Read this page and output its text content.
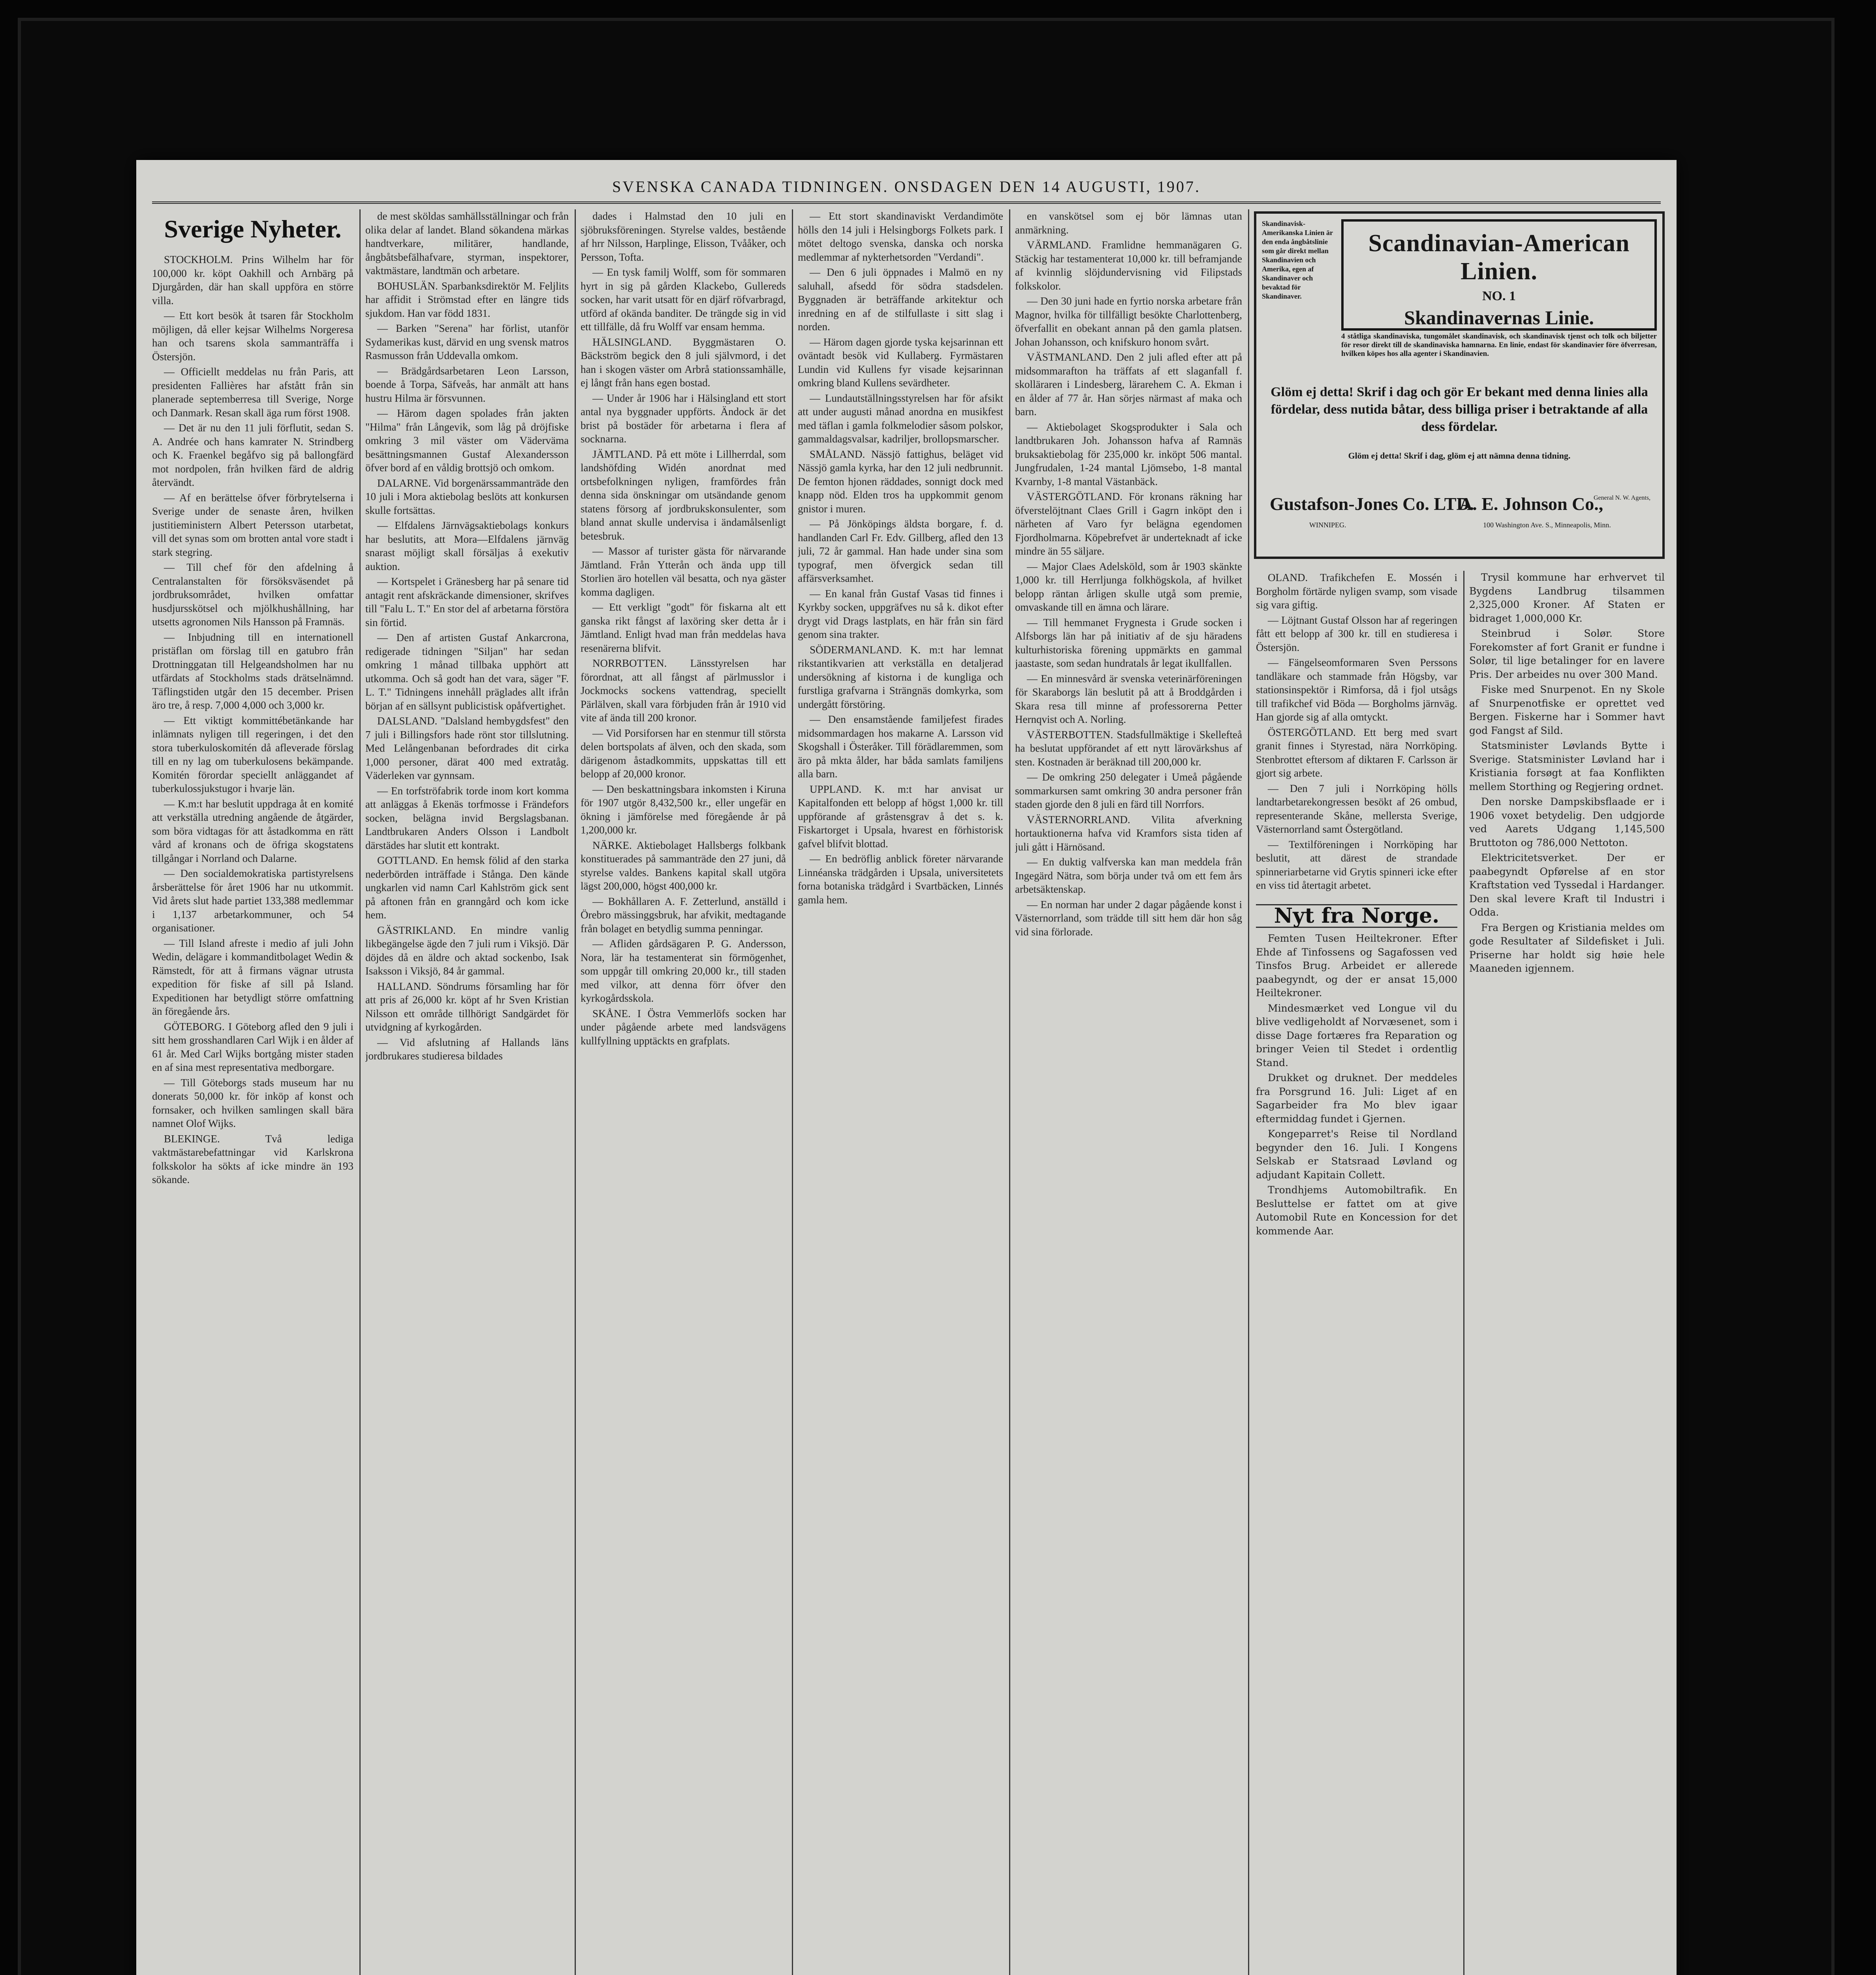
SVENSKA CANADA TIDNINGEN. ONSDAGEN DEN 14 AUGUSTI, 1907.
Sverige Nyheter.

STOCKHOLM. Prins Wilhelm har för 100,000 kr. köpt Oakhill och Arnbärg på Djurgården, där han skall uppföra en större villa.

— Ett kort besök åt tsaren får Stockholm möjligen, då eller kejsar Wilhelms Norgeresa han och tsarens skola sammanträffa i Östersjön.

— Officiellt meddelas nu från Paris, att presidenten Fallières har afstått från sin planerade septemberresa till Sverige, Norge och Danmark. Resan skall äga rum först 1908.

— Det är nu den 11 juli förflutit, sedan S. A. Andrée och hans kamrater N. Strindberg och K. Fraenkel begåfvo sig på ballongfärd mot nordpolen, från hvilken färd de aldrig återvändt.

— Af en berättelse öfver förbrytelserna i Sverige under de senaste åren, hvilken justitieministern Albert Petersson utarbetat, vill det synas som om brotten antal vore stadt i stark stegring.

— Till chef för den afdelning å Centralanstalten för försöksväsendet på jordbruksområdet, hvilken omfattar husdjursskötsel och mjölkhushållning, har utsetts agronomen Nils Hansson på Framnäs.

— Inbjudning till en internationell pristäflan om förslag till en gatubro från Drottninggatan till Helgeandsholmen har nu utfärdats af Stockholms stads drätselnämnd. Täflingstiden utgår den 15 december. Prisen äro tre, å resp. 7,000 4,000 och 3,000 kr.

— Ett viktigt kommittébetänkande har inlämnats nyligen till regeringen, i det den stora tuberkuloskomitén då afleverade förslag till en ny lag om tuberkulosens bekämpande. Komitén förordar speciellt anläggandet af tuberkulossjukstugor i hvarje län.

— K.m:t har beslutit uppdraga åt en komité att verkställa utredning angående de åtgärder, som böra vidtagas för att åstadkomma en rätt vård af kronans och de öfriga skogstatens tillgångar i Norrland och Dalarne.

— Den socialdemokratiska partistyrelsens årsberättelse för året 1906 har nu utkommit. Vid årets slut hade partiet 133,388 medlemmar i 1,137 arbetarkommuner, och 54 organisationer.

— Till Island afreste i medio af juli John Wedin, delägare i kommanditbolaget Wedin & Rämstedt, för att å firmans vägnar utrusta expedition för fiske af sill på Island. Expeditionen har betydligt större omfattning än föregående års.

GÖTEBORG. I Göteborg afled den 9 juli i sitt hem grosshandlaren Carl Wijk i en ålder af 61 år. Med Carl Wijks bortgång mister staden en af sina mest representativa medborgare.

— Till Göteborgs stads museum har nu donerats 50,000 kr. för inköp af konst och fornsaker, och hvilken samlingen skall bära namnet Olof Wijks.

BLEKINGE. Två lediga vaktmästarebefattningar vid Karlskrona folkskolor ha sökts af icke mindre än 193 sökande.

de mest sköldas samhällsställningar och från olika delar af landet. Bland sökandena märkas handtverkare, militärer, handlande, ångbåtsbefälhafvare, styrman, inspektorer, vaktmästare, landtmän och arbetare.

BOHUSLÄN. Sparbanksdirektör M. Feljlits har affidit i Strömstad efter en längre tids sjukdom. Han var född 1831.

— Barken "Serena" har förlist, utanför Sydamerikas kust, därvid en ung svensk matros Rasmusson från Uddevalla omkom.

— Brädgårdsarbetaren Leon Larsson, boende å Torpa, Säfveås, har anmält att hans hustru Hilma är försvunnen.

— Härom dagen spolades från jakten "Hilma" från Långevik, som låg på dröjfiske omkring 3 mil väster om Väderväma besättningsmannen Gustaf Alexandersson öfver bord af en våldig brottsjö och omkom.

DALARNE. Vid borgenärssammanträde den 10 juli i Mora aktiebolag beslöts att konkursen skulle fortsättas.

— Elfdalens Järnvägsaktiebolags konkurs har beslutits, att Mora—Elfdalens järnväg snarast möjligt skall försäljas å exekutiv auktion.

— Kortspelet i Gränesberg har på senare tid antagit rent afskräckande dimensioner, skrifves till "Falu L. T." En stor del af arbetarna förstöra sin förtid.

— Den af artisten Gustaf Ankarcrona, redigerade tidningen "Siljan" har sedan omkring 1 månad tillbaka upphört att utkomma. Och så godt han det vara, säger "F. L. T." Tidningens innehåll präglades allt ifrån början af en sällsynt publicistisk opåfvertighet.

DALSLAND. "Dalsland hembygdsfest" den 7 juli i Billingsfors hade rönt stor tillslutning. Med Lelångenbanan befordrades dit cirka 1,000 personer, därat 400 med extratåg. Väderleken var gynnsam.

— En torfströfabrik torde inom kort komma att anläggas å Ekenäs torfmosse i Frändefors socken, belägna invid Bergslagsbanan. Landtbrukaren Anders Olsson i Landbolt därstädes har slutit ett kontrakt.

GOTTLAND. En hemsk fölid af den starka nederbörden inträffade i Stånga. Den kände ungkarlen vid namn Carl Kahlström gick sent på aftonen från en granngård och kom icke hem.

GÄSTRIKLAND. En mindre vanlig likbegängelse ägde den 7 juli rum i Viksjö. Där döjdes då en äldre och aktad sockenbo, Isak Isaksson i Viksjö, 84 år gammal.

HALLAND. Söndrums församling har för att pris af 26,000 kr. köpt af hr Sven Kristian Nilsson ett område tillhörigt Sandgärdet för utvidgning af kyrkogården.

— Vid afslutning af Hallands läns jordbrukares studieresa bildades

dades i Halmstad den 10 juli en sjöbruksföreningen. Styrelse valdes, bestående af hrr Nilsson, Harplinge, Elisson, Tvååker, och Persson, Tofta.

— En tysk familj Wolff, som för sommaren hyrt in sig på gården Klackebo, Gullereds socken, har varit utsatt för en djärf röfvarbragd, utförd af okända banditer. De trängde sig in vid ett tillfälle, då fru Wolff var ensam hemma.

HÄLSINGLAND. Byggmästaren O. Bäckström begick den 8 juli självmord, i det han i skogen väster om Arbrå stationssamhälle, ej långt från hans egen bostad.

— Under år 1906 har i Hälsingland ett stort antal nya byggnader uppförts. Ändock är det brist på bostäder för arbetarna i flera af socknarna.

JÄMTLAND. På ett möte i Lillherrdal, som landshöfding Widén anordnat med ortsbefolkningen nyligen, framfördes från denna sida önskningar om utsändande genom statens försorg af jordbrukskonsulenter, som bland annat skulle undervisa i ändamålsenligt betesbruk.

— Massor af turister gästa för närvarande Jämtland. Från Ytterån och ända upp till Storlien äro hotellen väl besatta, och nya gäster komma dagligen.

— Ett verkligt "godt" för fiskarna alt ett ganska rikt fångst af laxöring sker detta år i Jämtland. Enligt hvad man från meddelas hava resenärerna blifvit.

NORRBOTTEN. Länsstyrelsen har förordnat, att all fångst af pärlmusslor i Jockmocks sockens vattendrag, speciellt Pärlälven, skall vara förbjuden från år 1910 vid vite af ända till 200 kronor.

— Vid Porsiforsen har en stenmur till största delen bortspolats af älven, och den skada, som därigenom åstadkommits, uppskattas till ett belopp af 20,000 kronor.

— Den beskattningsbara inkomsten i Kiruna för 1907 utgör 8,432,500 kr., eller ungefär en ökning i jämförelse med föregående år på 1,200,000 kr.

NÄRKE. Aktiebolaget Hallsbergs folkbank konstituerades på sammanträde den 27 juni, då styrelse valdes. Bankens kapital skall utgöra lägst 200,000, högst 400,000 kr.

— Bokhållaren A. F. Zetterlund, anställd i Örebro mässinggsbruk, har afvikit, medtagande från bolaget en betydlig summa penningar.

— Afliden gårdsägaren P. G. Andersson, Nora, lär ha testamenterat sin förmögenhet, som uppgår till omkring 20,000 kr., till staden med vilkor, att denna förr öfver den kyrkogårdsskola.

SKÅNE. I Östra Vemmerlöfs socken har under pågående arbete med landsvägens kullfyllning upptäckts en grafplats.

— Ett stort skandinaviskt Verdandimöte hölls den 14 juli i Helsingborgs Folkets park. I mötet deltogo svenska, danska och norska medlemmar af nykterhetsorden "Verdandi".

— Den 6 juli öppnades i Malmö en ny saluhall, afsedd för södra stadsdelen. Byggnaden är beträffande arkitektur och inredning en af de stilfullaste i sitt slag i norden.

— Härom dagen gjorde tyska kejsarinnan ett oväntadt besök vid Kullaberg. Fyrmästaren Lundin vid Kullens fyr visade kejsarinnan omkring bland Kullens sevärdheter.

— Lundautställningsstyrelsen har för afsikt att under augusti månad anordna en musikfest med täflan i gamla folkmelodier såsom polskor, gammaldagsvalsar, kadriljer, brollopsmarscher.

SMÅLAND. Nässjö fattighus, beläget vid Nässjö gamla kyrka, har den 12 juli nedbrunnit. De femton hjonen räddades, sonnigt dock med knapp nöd. Elden tros ha uppkommit genom gnistor i muren.

— På Jönköpings äldsta borgare, f. d. handlanden Carl Fr. Edv. Gillberg, afled den 13 juli, 72 år gammal. Han hade under sina som typograf, men öfvergick sedan till affärsverksamhet.

— En kanal från Gustaf Vasas tid finnes i Kyrkby socken, uppgräfves nu så k. dikot efter drygt vid Drags lastplats, en här från sin färd genom sina trakter.

SÖDERMANLAND. K. m:t har lemnat rikstantikvarien att verkställa en detaljerad undersökning af kistorna i de kungliga och furstliga grafvarna i Strängnäs domkyrka, som undergått förstöring.

— Den ensamstående familjefest firades midsommardagen hos makarne A. Larsson vid Skogshall i Österåker. Till förädlaremmen, som äro på mkta ålder, har båda samlats familjens alla barn.

UPPLAND. K. m:t har anvisat ur Kapitalfonden ett belopp af högst 1,000 kr. till uppförande af gråstensgrav å det s. k. Fiskartorget i Upsala, hvarest en förhistorisk gafvel blifvit blottad.

— En bedröflig anblick företer närvarande Linnéanska trädgården i Upsala, universitetets forna botaniska trädgård i Svartbäcken, Linnés gamla hem.

en vanskötsel som ej bör lämnas utan anmärkning.

VÄRMLAND. Framlidne hemmanägaren G. Stäckig har testamenterat 10,000 kr. till beframjande af kvinnlig slöjdundervisning vid Filipstads folkskolor.

— Den 30 juni hade en fyrtio norska arbetare från Magnor, hvilka för tillfälligt besökte Charlottenberg, öfverfallit en obekant annan på den gamla platsen. Johan Johansson, och knifskuro honom svårt.

VÄSTMANLAND. Den 2 juli afled efter att på midsommarafton ha träffats af ett slaganfall f. skolläraren i Lindesberg, lärarehem C. A. Ekman i en ålder af 77 år. Han sörjes närmast af maka och barn.

— Aktiebolaget Skogsprodukter i Sala och landtbrukaren Joh. Johansson hafva af Ramnäs bruksaktiebolag för 235,000 kr. inköpt 506 mantal. Jungfrudalen, 1-24 mantal Ljömsebo, 1-8 mantal Kvarnby, 1-8 mantal Västanbäck.

VÄSTERGÖTLAND. För kronans räkning har öfverstelöjtnant Claes Grill i Gagrn inköpt den i närheten af Varo fyr belägna egendomen Fjordholmarna. Köpebrefvet är underteknadt af icke mindre än 55 säljare.

— Major Claes Adelsköld, som år 1903 skänkte 1,000 kr. till Herrljunga folkhögskola, af hvilket belopp räntan årligen skulle utgå som premie, omvaskande till en ämna och lärare.

— Till hemmanet Frygnesta i Grude socken i Alfsborgs län har på initiativ af de sju häradens kulturhistoriska förening uppmärkts en gammal jaastaste, som sedan hundratals år legat ikullfallen.

— En minnesvård är svenska veterinärföreningen för Skaraborgs län beslutit på att å Broddgården i Skara resa till minne af professorerna Petter Hernqvist och A. Norling.

VÄSTERBOTTEN. Stadsfullmäktige i Skellefteå ha beslutat uppförandet af ett nytt lärovärkshus af sten. Kostnaden är beräknad till 200,000 kr.

— De omkring 250 delegater i Umeå pågående sommarkursen samt omkring 30 andra personer från staden gjorde den 8 juli en färd till Norrfors.

VÄSTERNORRLAND. Vilita afverkning hortauktionerna hafva vid Kramfors sista tiden af juli gått i Härnösand.

— En duktig valfverska kan man meddela från Ingegärd Nätra, som börja under två om ett fem års arbetsäktenskap.

— En norman har under 2 dagar pågående konst i Västernorrland, som trädde till sitt hem där hon såg vid sina förlorade.

Skandinavisk-Amerikanska Linien är den enda ångbåtslinie som går direkt mellan Skandinavien och Amerika, egen af Skandinaver och bevaktad för Skandinaver.
Scandinavian-American Linien.
NO. 1
Skandinavernas Linie.
4 ståtliga skandinaviska, tungomålet skandinavisk, och skandinavisk tjenst och tolk och biljetter för resor direkt till de skandinaviska hamnarna. En linie, endast för skandinavier före öfverresan, hvilken köpes hos alla agenter i Skandinavien.
Glöm ej detta! Skrif i dag och gör Er bekant med denna linies alla fördelar, dess nutida båtar, dess billiga priser i betraktande af alla dess fördelar.
Glöm ej detta! Skrif i dag, glöm ej att nämna denna tidning.
Gustafson-Jones Co. LTD.
WINNIPEG.
A. E. Johnson Co.,
100 Washington Ave. S., Minneapolis, Minn.
General N. W. Agents,

OLAND. Trafikchefen E. Mossén i Borgholm förtärde nyligen svamp, som visade sig vara giftig.

— Löjtnant Gustaf Olsson har af regeringen fått ett belopp af 300 kr. till en studieresa i Östersjön.

— Fängelseomformaren Sven Perssons tandläkare och stammade från Högsby, var stationsinspektör i Rimforsa, då i fjol utsågs till trafikchef vid Böda — Borgholms järnväg. Han gjorde sig af alla omtyckt.

ÖSTERGÖTLAND. Ett berg med svart granit finnes i Styrestad, nära Norrköping. Stenbrottet eftersom af diktaren F. Carlsson är gjort sig arbete.

— Den 7 juli i Norrköping hölls landtarbetarekongressen besökt af 26 ombud, representerande Skåne, mellersta Sverige, Västernorrland samt Östergötland.

— Textilföreningen i Norrköping har beslutit, att därest de strandade spinneriarbetarne vid Grytis spinneri icke efter en viss tid återtagit arbetet.

Nyt fra Norge.

Femten Tusen Heiltekroner. Efter Ehde af Tinfossens og Sagafossen ved Tinsfos Brug. Arbeidet er allerede paabegyndt, og der er ansat 15,000 Heiltekroner.

Mindesmærket ved Longue vil du blive vedligeholdt af Norvæsenet, som i disse Dage fortæres fra Reparation og bringer Veien til Stedet i ordentlig Stand.

Drukket og druknet. Der meddeles fra Porsgrund 16. Juli: Liget af en Sagarbeider fra Mo blev igaar eftermiddag fundet i Gjernen.

Kongeparret's Reise til Nordland begynder den 16. Juli. I Kongens Selskab er Statsraad Løvland og adjudant Kapitain Collett.

Trondhjems Automobiltrafik. En Besluttelse er fattet om at give Automobil Rute en Koncession for det kommende Aar.

Trysil kommune har erhvervet til Bygdens Landbrug tilsammen 2,325,000 Kroner. Af Staten er bidraget 1,000,000 Kr.

Steinbrud i Solør. Store Forekomster af fort Granit er fundne i Solør, til lige betalinger for en lavere Pris. Der arbeides nu over 300 Mand.

Fiske med Snurpenot. En ny Skole af Snurpenotfiske er oprettet ved Bergen. Fiskerne har i Sommer havt god Fangst af Sild.

Statsminister Løvlands Bytte i Sverige. Statsminister Løvland har i Kristiania forsøgt at faa Konflikten mellem Storthing og Regjering ordnet.

Den norske Dampskibsflaade er i 1906 voxet betydelig. Den udgjorde ved Aarets Udgang 1,145,500 Bruttoton og 786,000 Nettoton.

Elektricitetsverket. Der er paabegyndt Opførelse af en stor Kraftstation ved Tyssedal i Hardanger. Den skal levere Kraft til Industri i Odda.

Fra Bergen og Kristiania meldes om gode Resultater af Sildefisket i Juli. Priserne har holdt sig høie hele Maaneden igjennem.
